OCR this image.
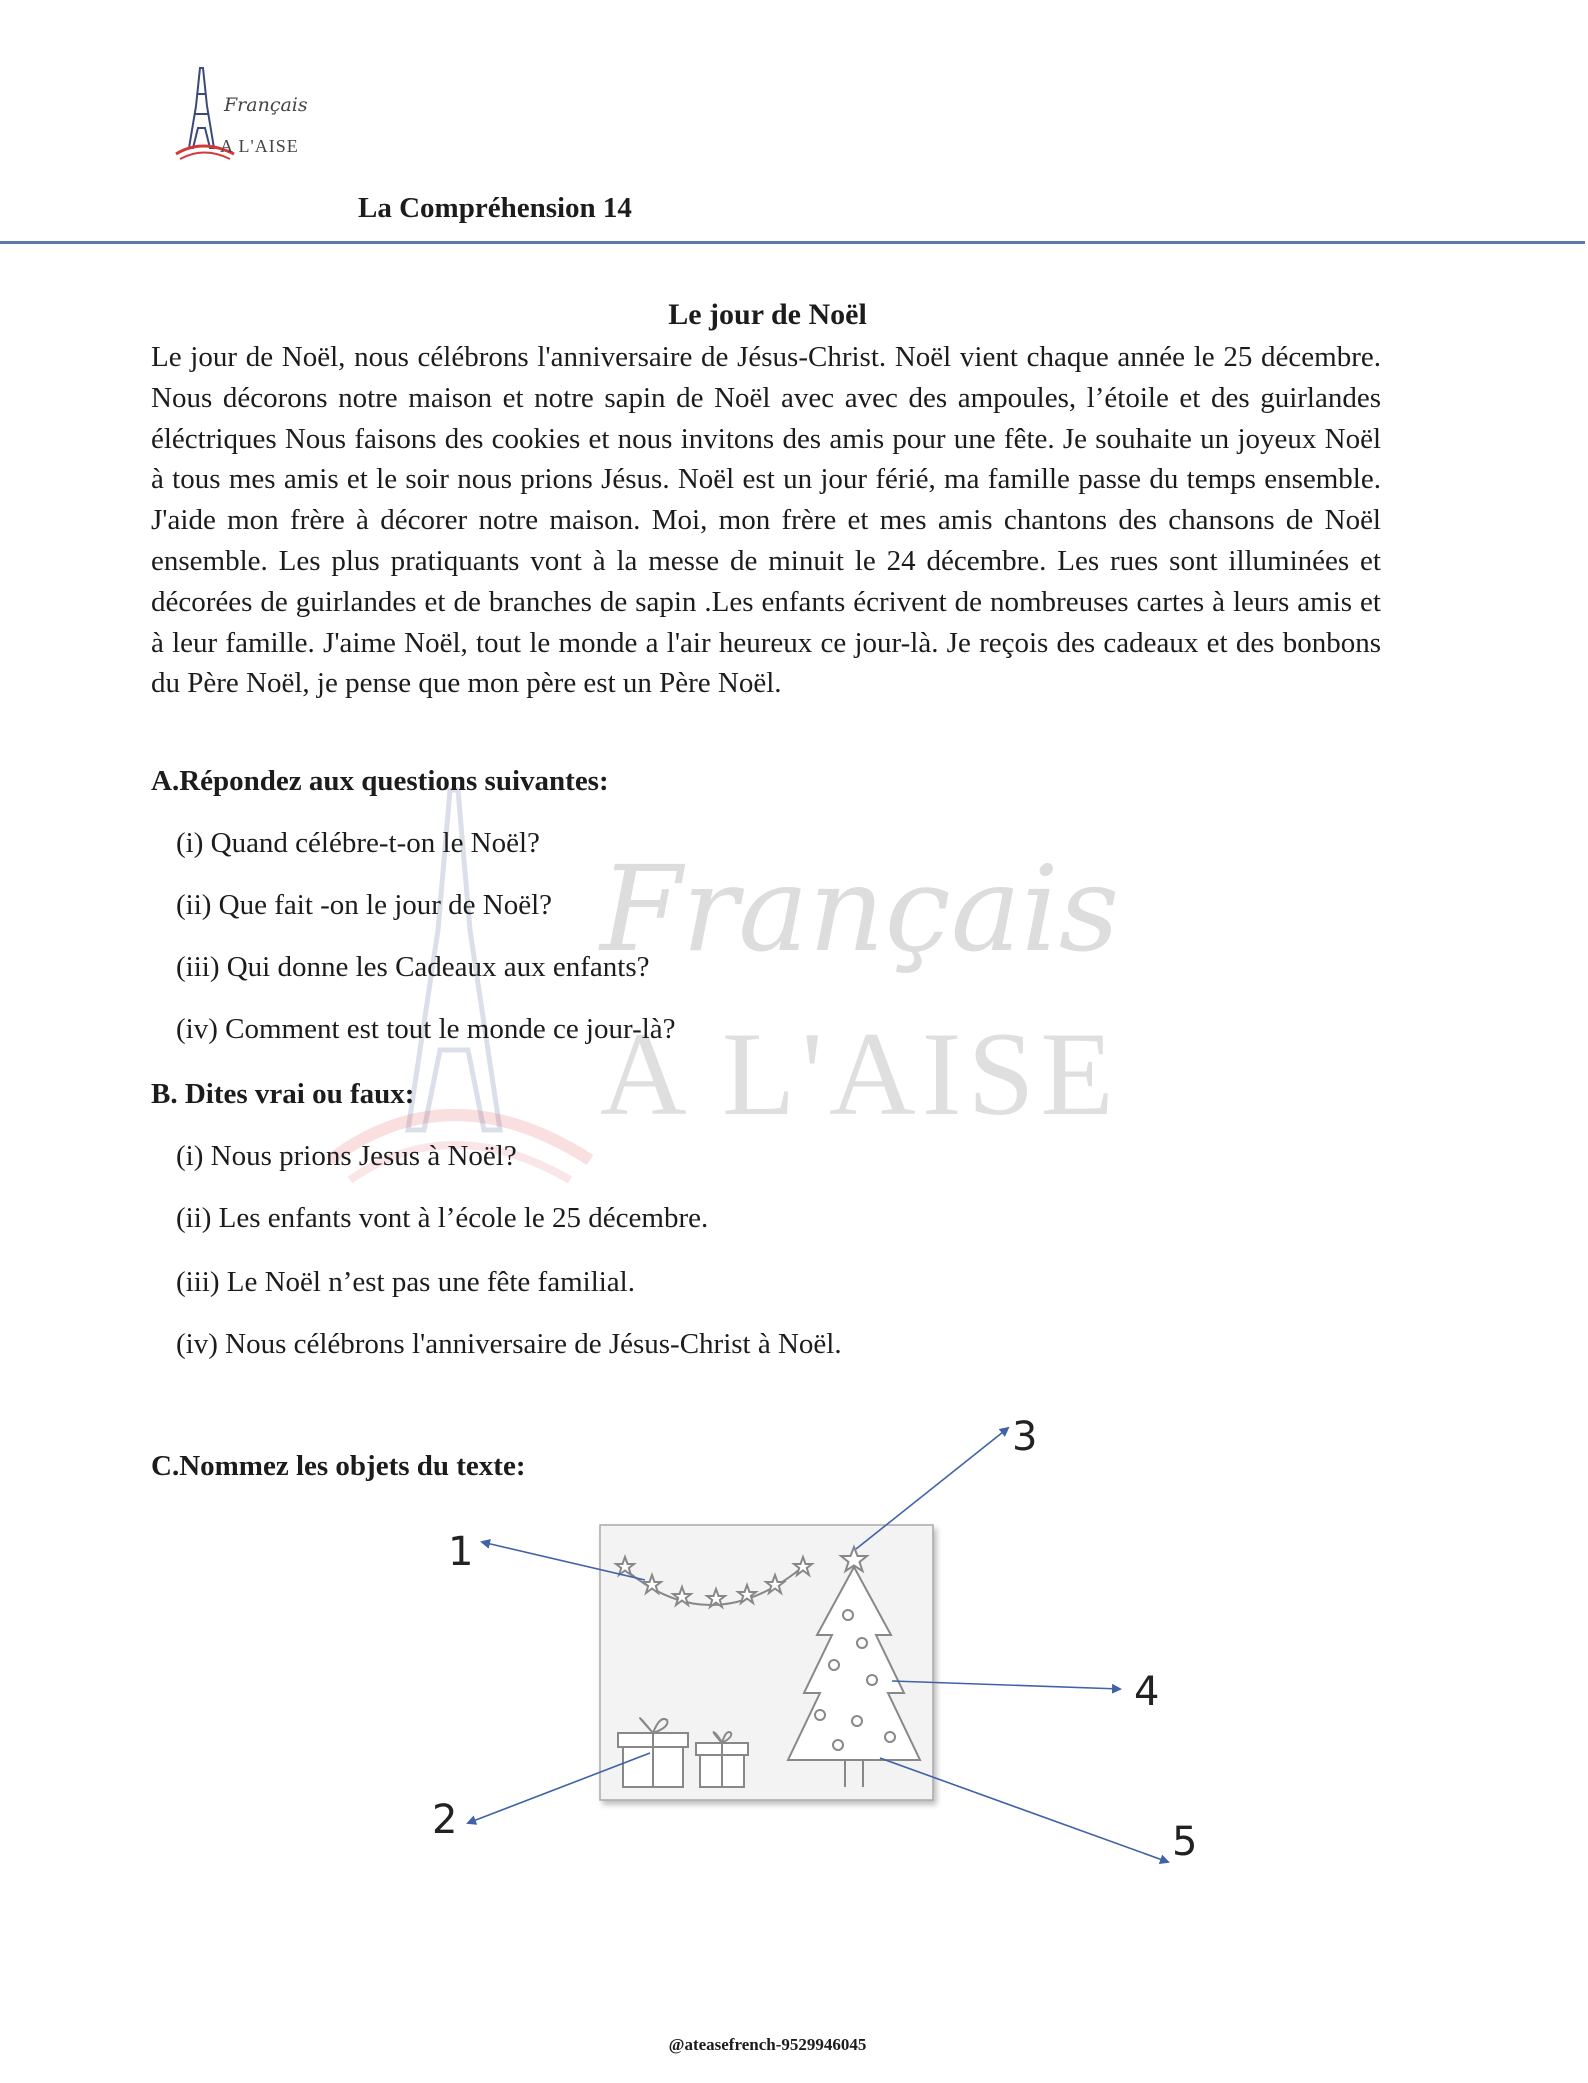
Français
A L'AISE
La Compréhension 14
Français
A L'AISE
Le jour de Noël

Le jour de Noël, nous célébrons l'anniversaire de Jésus-Christ. Noël vient chaque année le 25 décembre. Nous décorons notre maison et notre sapin de Noël avec avec des ampoules, l’étoile et des guirlandes éléctriques Nous faisons des cookies et nous invitons des amis pour une fête. Je souhaite un joyeux Noël à tous mes amis et le soir nous prions Jésus. Noël est un jour férié, ma famille passe du temps ensemble. J'aide mon frère à décorer notre maison. Moi, mon frère et mes amis chantons des chansons de Noël ensemble. Les plus pratiquants vont à la messe de minuit le 24 décembre. Les rues sont illuminées et décorées de guirlandes et de branches de sapin .Les enfants écrivent de nombreuses cartes à leurs amis et à leur famille. J'aime Noël, tout le monde a l'air heureux ce jour-là. Je reçois des cadeaux et des bonbons du Père Noël, je pense que mon père est un Père Noël.

A.Répondez aux questions suivantes:
(i) Quand célébre-t-on le Noël?
(ii) Que fait -on le jour de Noël?
(iii) Qui donne les Cadeaux aux enfants?
(iv) Comment est tout le monde ce jour-là?
B. Dites vrai ou faux:
(i) Nous prions Jesus à Noël?
(ii) Les enfants vont à l’école le 25 décembre.
(iii) Le Noël n’est pas une fête familial.
(iv) Nous célébrons l'anniversaire de Jésus-Christ à Noël.
C.Nommez les objets du texte:
1
2
3
4
5
@ateasefrench-9529946045
